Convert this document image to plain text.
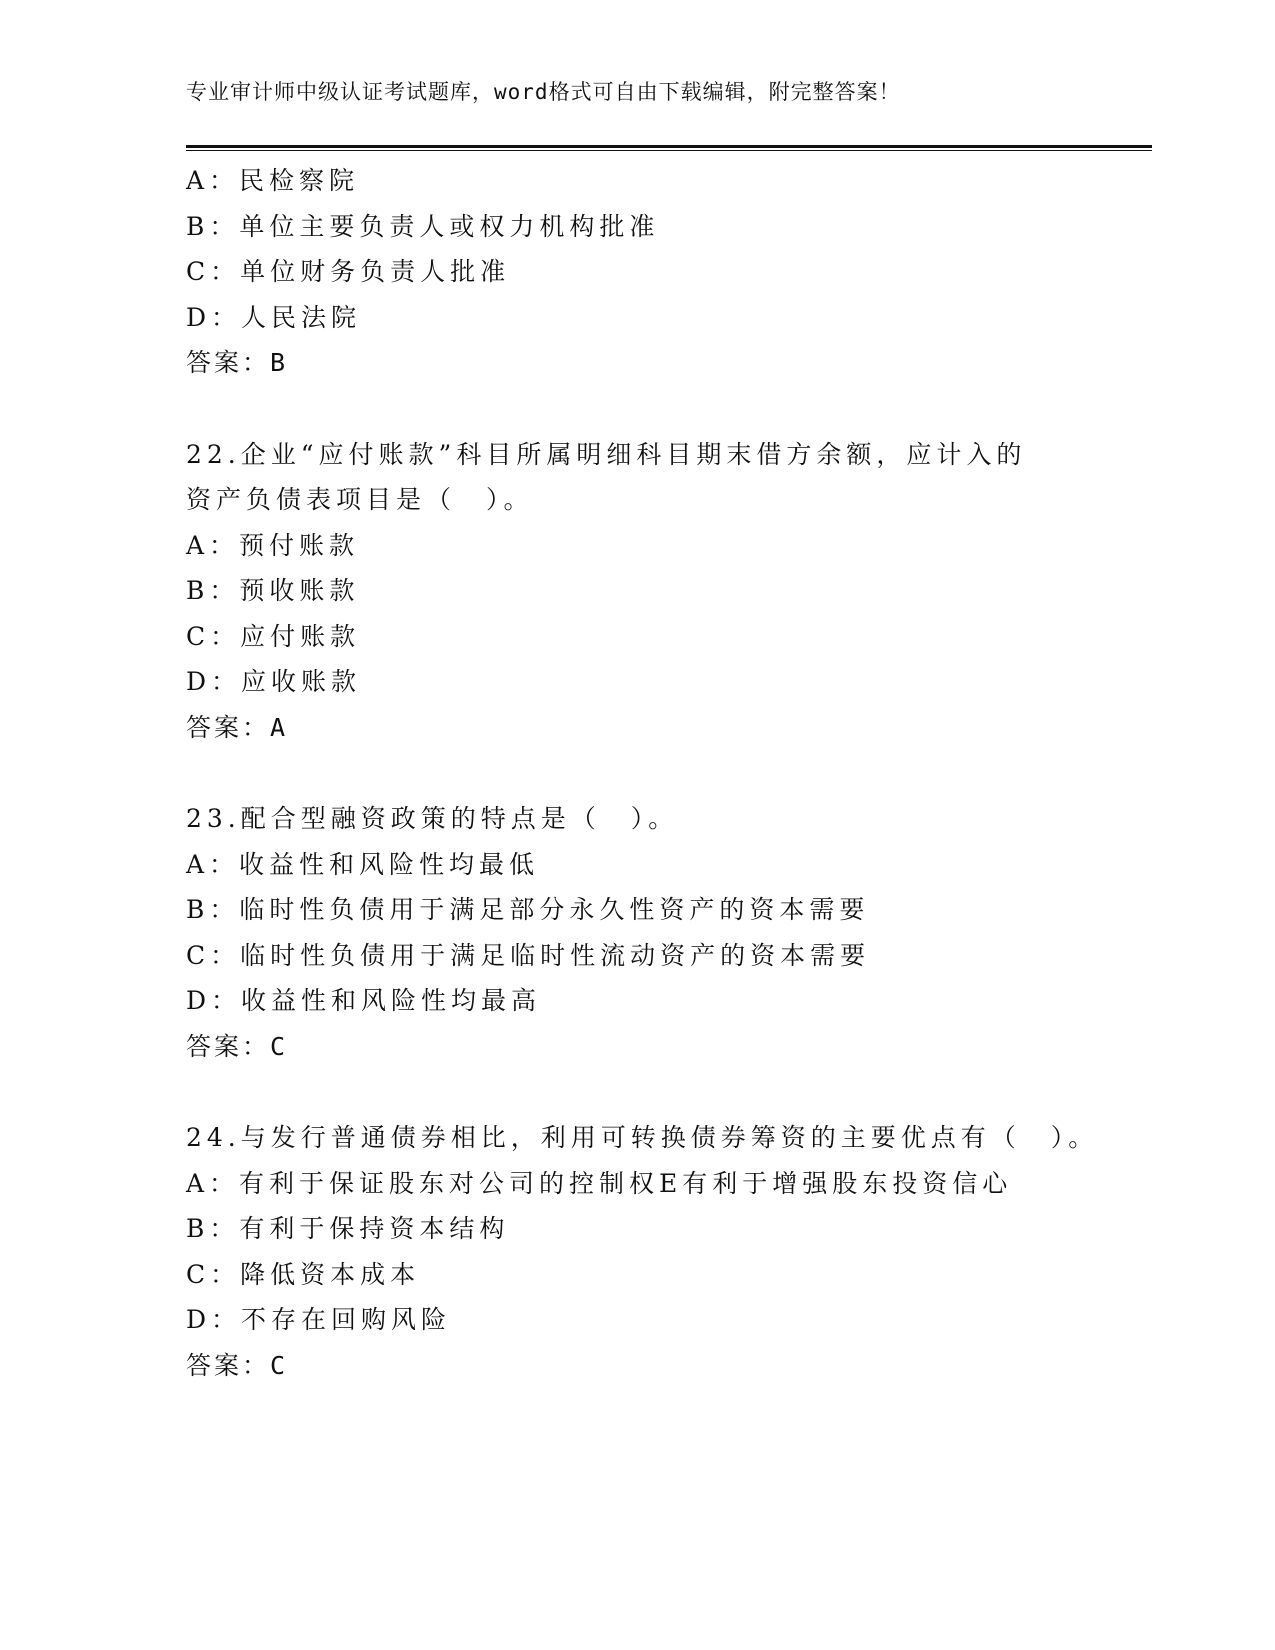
专业审计师中级认证考试题库，word格式可自由下载编辑，附完整答案！
A：民检察院
B：单位主要负责人或权力机构批准
C：单位财务负责人批准
D：人民法院
答案：B
22.企业“应付账款”科目所属明细科目期末借方余额，应计入的资产负债表项目是（　）。
A：预付账款
B：预收账款
C：应付账款
D：应收账款
答案：A
23.配合型融资政策的特点是（　）。
A：收益性和风险性均最低
B：临时性负债用于满足部分永久性资产的资本需要
C：临时性负债用于满足临时性流动资产的资本需要
D：收益性和风险性均最高
答案：C
24.与发行普通债券相比，利用可转换债券筹资的主要优点有（　）。
A：有利于保证股东对公司的控制权E有利于增强股东投资信心
B：有利于保持资本结构
C：降低资本成本
D：不存在回购风险
答案：C
